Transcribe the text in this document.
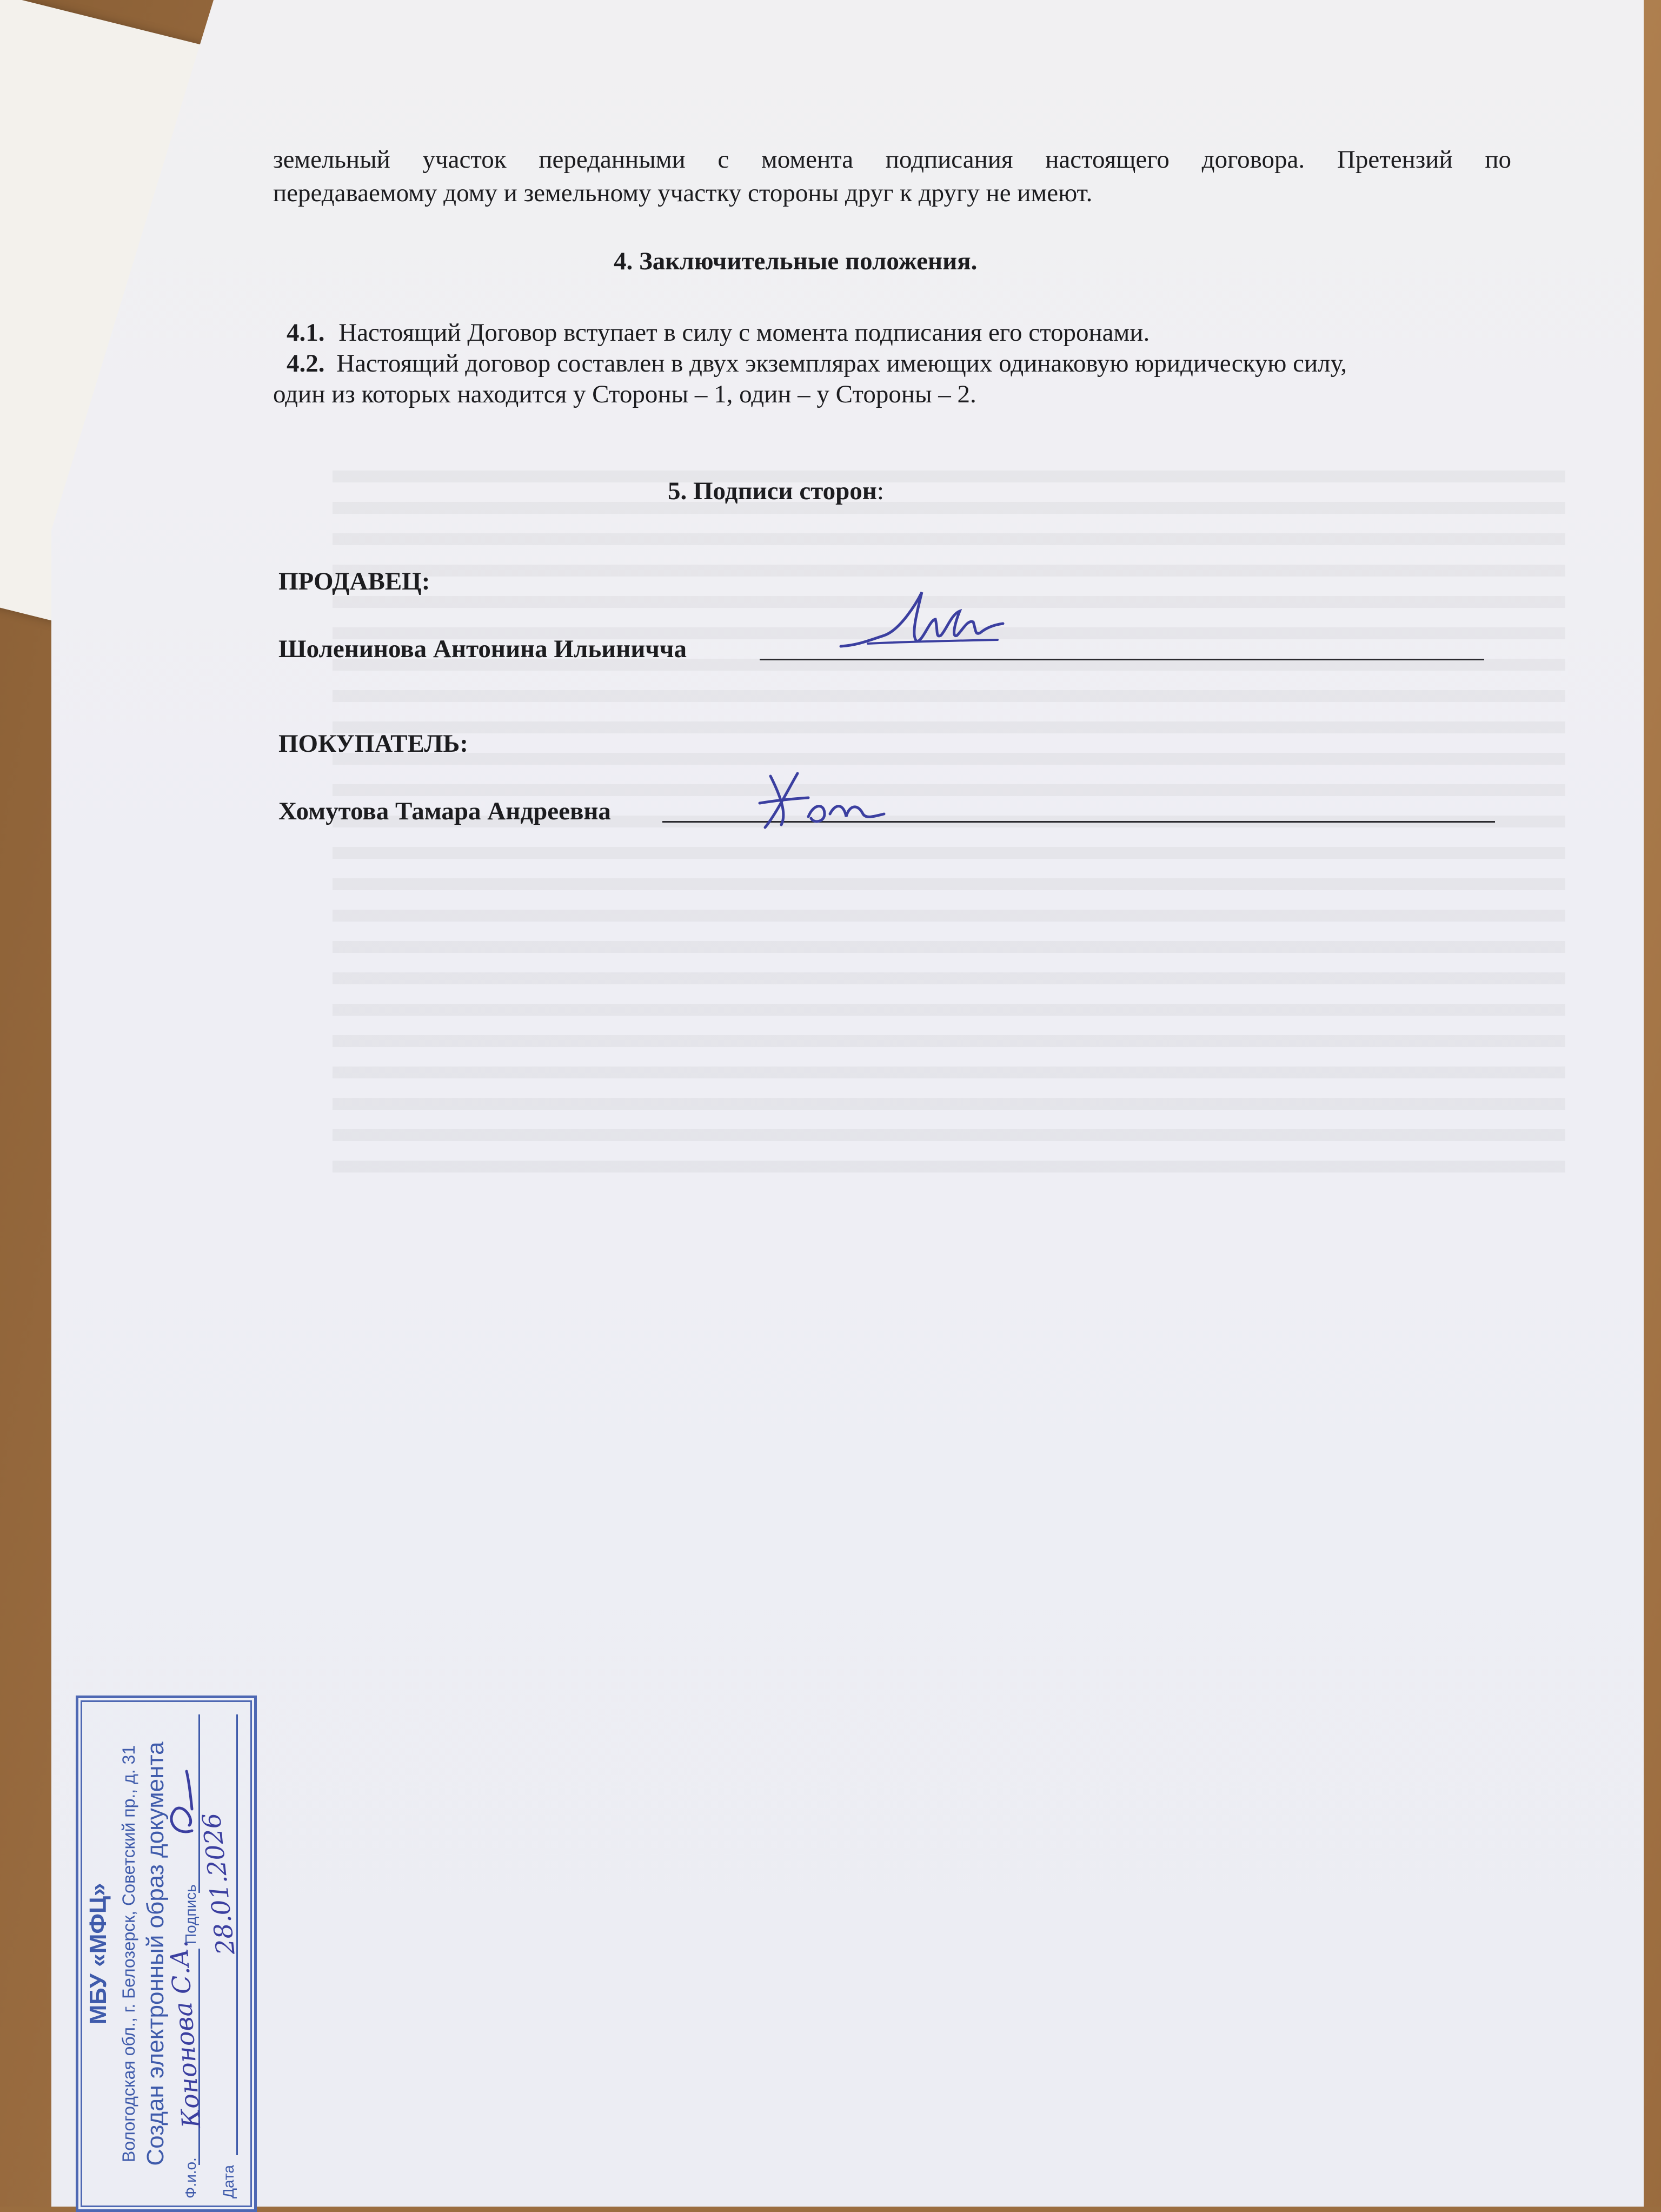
земельный участок переданными с момента подписания настоящего договора. Претензий по
передаваемому дому и земельному участку стороны друг к другу не имеют.
4. Заключительные положения.
4.1. Настоящий Договор вступает в силу с момента подписания его сторонами.
4.2. Настоящий договор составлен в двух экземплярах имеющих одинаковую юридическую силу,
один из которых находится у Стороны – 1, один – у Стороны – 2.
5. Подписи сторон:
ПРОДАВЕЦ:
Шоленинова Антонина Ильиничча
ПОКУПАТЕЛЬ:
Хомутова Тамара Андреевна
МБУ «МФЦ» Вологодская обл., г. Белозерск, Советский пр., д. 31 Создан электронный образ документа
Ф.и.о.
Кононова С.А.
Подпись
Дата
28.01.2026
